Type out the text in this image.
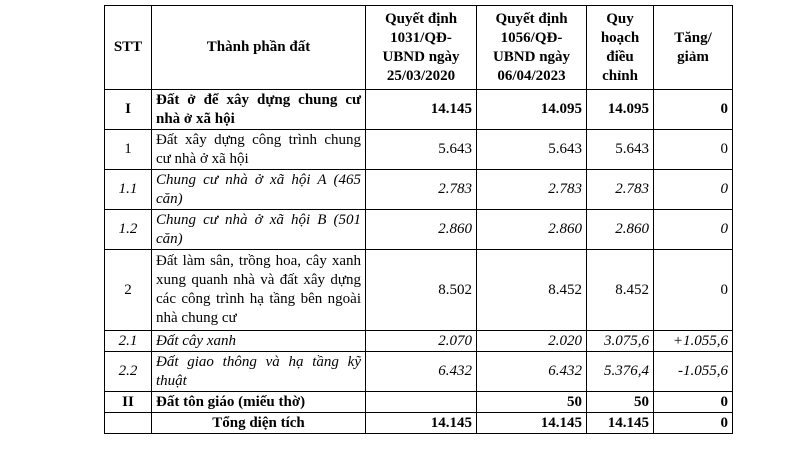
STT	Thành phần đất	Quyết định 1031/QĐ-UBND ngày 25/03/2020	Quyết định 1056/QĐ-UBND ngày 06/04/2023	Quy hoạch điều chỉnh	Tăng/ giảm
I	Đất ở để xây dựng chung cư nhà ở xã hội	14.145	14.095	14.095	0
1	Đất xây dựng công trình chung cư nhà ở xã hội	5.643	5.643	5.643	0
1.1	Chung cư nhà ở xã hội A (465 căn)	2.783	2.783	2.783	0
1.2	Chung cư nhà ở xã hội B (501 căn)	2.860	2.860	2.860	0
2	Đất làm sân, trồng hoa, cây xanh xung quanh nhà và đất xây dựng các công trình hạ tầng bên ngoài nhà chung cư	8.502	8.452	8.452	0
2.1	Đất cây xanh	2.070	2.020	3.075,6	+1.055,6
2.2	Đất giao thông và hạ tầng kỹ thuật	6.432	6.432	5.376,4	-1.055,6
II	Đất tôn giáo (miếu thờ)		50	50	0
	Tổng diện tích	14.145	14.145	14.145	0
